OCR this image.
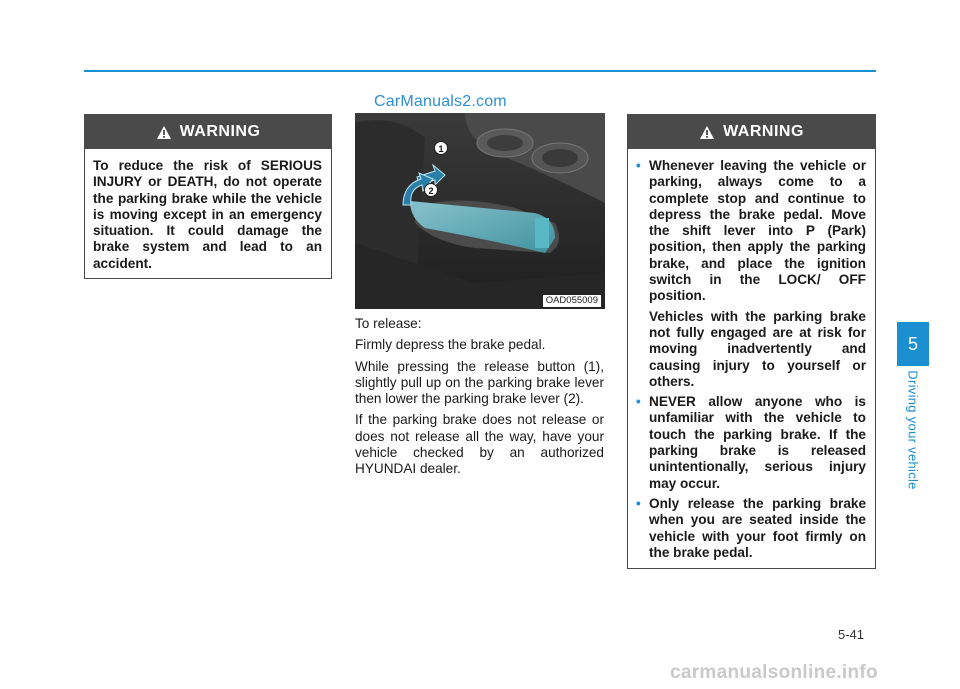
CarManuals2.com
WARNING
To reduce the risk of SERIOUS INJURY or DEATH, do not operate the parking brake while the vehicle is moving except in an emergency situation. It could damage the brake system and lead to an accident.
1
2
OAD055009

To release:

Firmly depress the brake pedal.

While pressing the release button (1), slightly pull up on the parking brake lever then lower the parking brake lever (2).

If the parking brake does not release or does not release all the way, have your vehicle checked by an authorized HYUNDAI dealer.

WARNING
• Whenever leaving the vehicle or parking, always come to a complete stop and continue to depress the brake pedal. Move the shift lever into P (Park) position, then apply the parking brake, and place the ignition switch in the LOCK/ OFF position.

Vehicles with the parking brake not fully engaged are at risk for moving inadvertently and causing injury to yourself or others.

• NEVER allow anyone who is unfamiliar with the vehicle to touch the parking brake. If the parking brake is released unintentionally, serious injury may occur.

• Only release the parking brake when you are seated inside the vehicle with your foot firmly on the brake pedal.

5
Driving your vehicle
5-41
carmanualsonline.info
